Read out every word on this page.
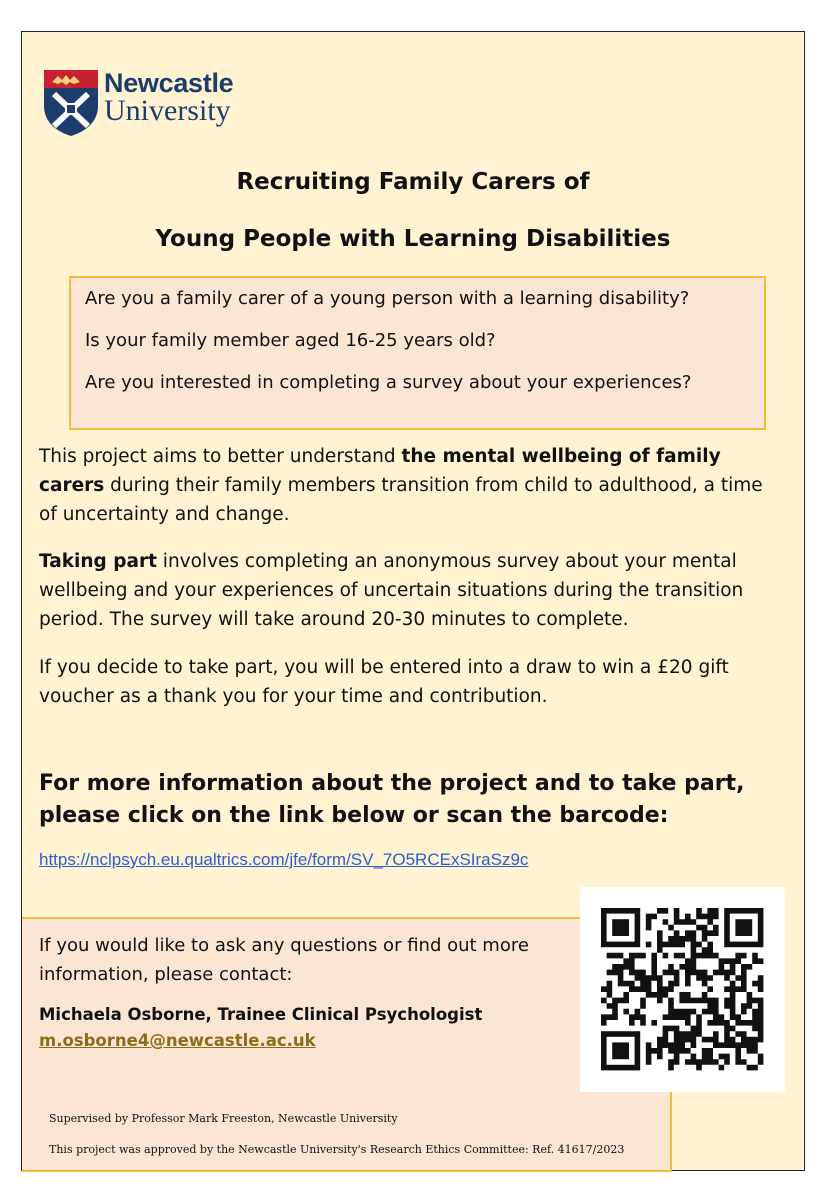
Newcastle
University
Recruiting Family Carers of
Young People with Learning Disabilities
Are you a family carer of a young person with a learning disability?
Is your family member aged 16-25 years old?
Are you interested in completing a survey about your experiences?
This project aims to better understand the mental wellbeing of family carers during their family members transition from child to adulthood, a time of uncertainty and change.
Taking part involves completing an anonymous survey about your mental wellbeing and your experiences of uncertain situations during the transition period. The survey will take around 20-30 minutes to complete.
If you decide to take part, you will be entered into a draw to win a £20 gift voucher as a thank you for your time and contribution.
For more information about the project and to take part, please click on the link below or scan the barcode:
https://nclpsych.eu.qualtrics.com/jfe/form/SV_7O5RCExSIraSz9c
If you would like to ask any questions or find out more information, please contact:
Michaela Osborne, Trainee Clinical Psychologist
m.osborne4@newcastle.ac.uk
Supervised by Professor Mark Freeston, Newcastle University
This project was approved by the Newcastle University's Research Ethics Committee: Ref. 41617/2023
